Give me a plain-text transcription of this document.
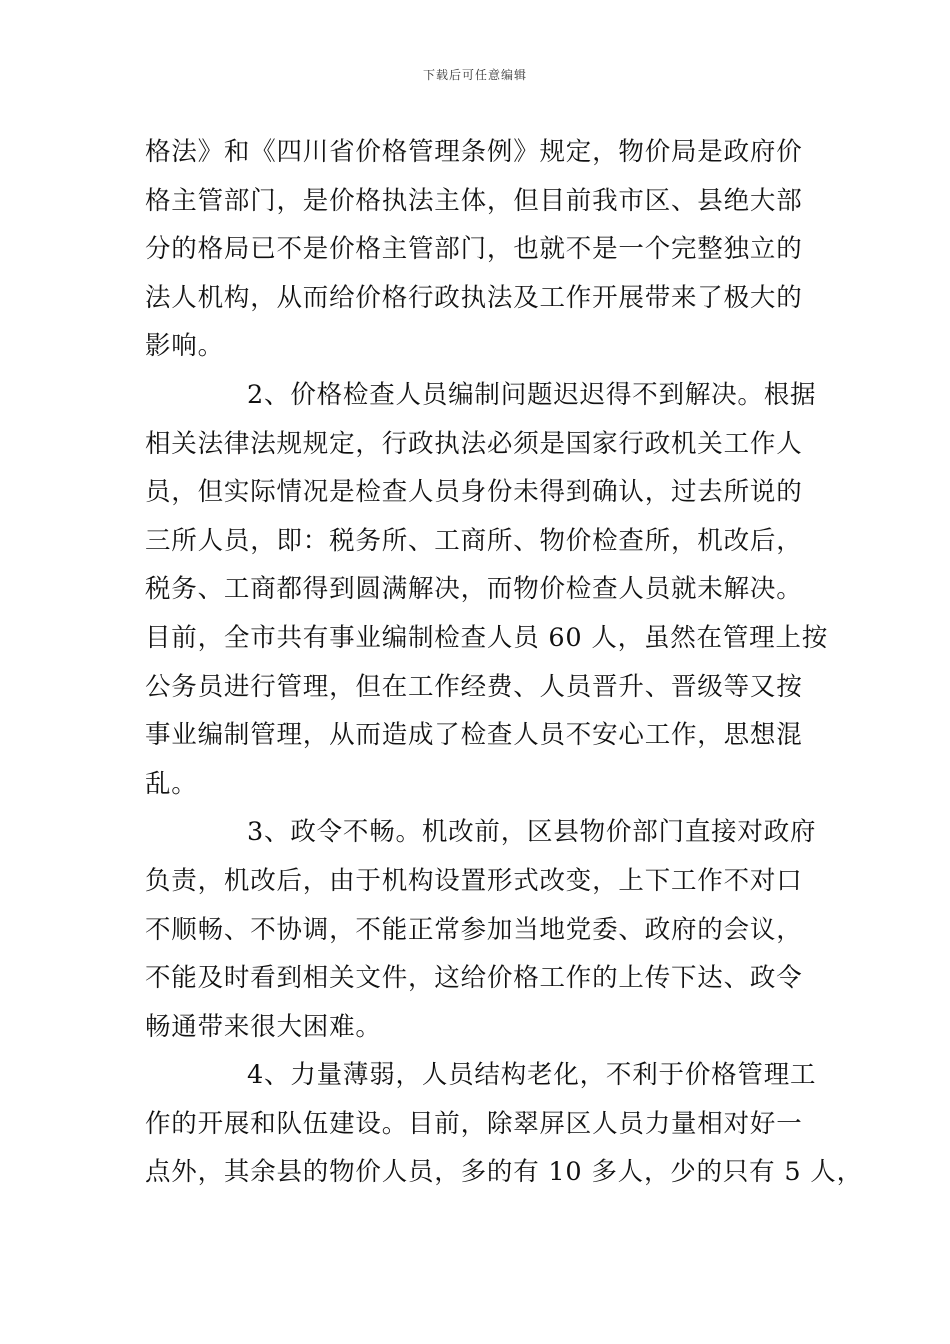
下载后可任意编辑
格法》和《四川省价格管理条例》规定，物价局是政府价
格主管部门，是价格执法主体，但目前我市区、县绝大部
分的格局已不是价格主管部门，也就不是一个完整独立的
法人机构，从而给价格行政执法及工作开展带来了极大的
影响。
2、价格检查人员编制问题迟迟得不到解决。根据
相关法律法规规定，行政执法必须是国家行政机关工作人
员，但实际情况是检查人员身份未得到确认，过去所说的
三所人员，即：税务所、工商所、物价检查所，机改后，
税务、工商都得到圆满解决，而物价检查人员就未解决。
目前，全市共有事业编制检查人员 60 人，虽然在管理上按
公务员进行管理，但在工作经费、人员晋升、晋级等又按
事业编制管理，从而造成了检查人员不安心工作，思想混
乱。
3、政令不畅。机改前，区县物价部门直接对政府
负责，机改后，由于机构设置形式改变，上下工作不对口
不顺畅、不协调，不能正常参加当地党委、政府的会议，
不能及时看到相关文件，这给价格工作的上传下达、政令
畅通带来很大困难。
4、力量薄弱，人员结构老化，不利于价格管理工
作的开展和队伍建设。目前，除翠屏区人员力量相对好一
点外，其余县的物价人员，多的有 10 多人，少的只有 5 人，
